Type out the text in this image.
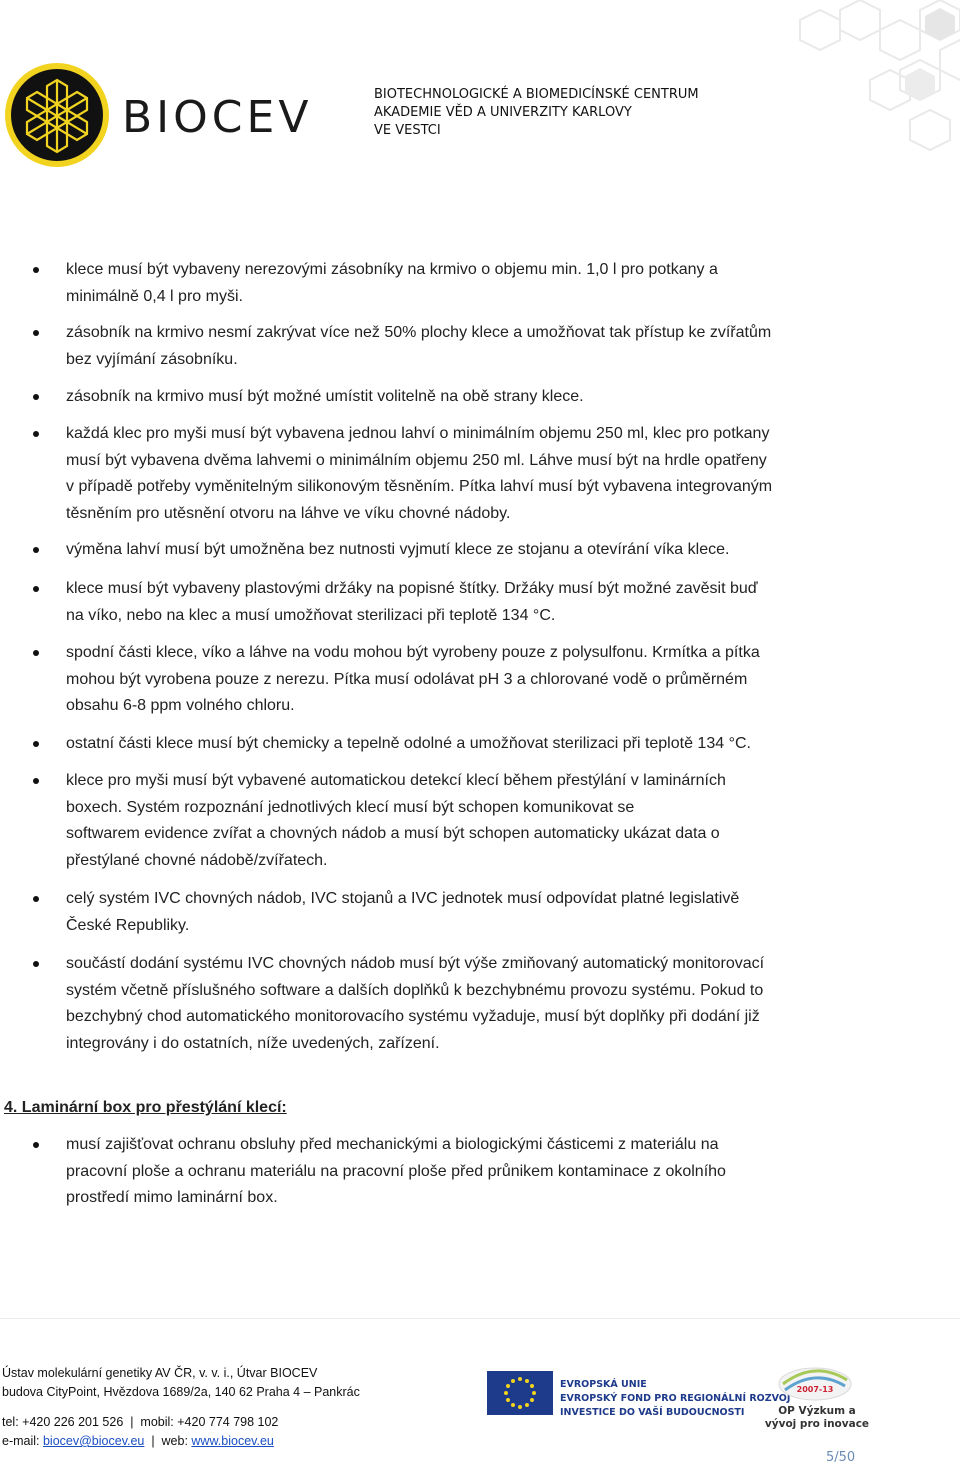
BIOCEV	BIOTECHNOLOGICKÉ A BIOMEDICÍNSKÉ CENTRUM
AKADEMIE VĚD A UNIVERZITY KARLOVY
VE VESTCI
klece musí být vybaveny nerezovými zásobníky na krmivo o objemu min. 1,0 l pro potkany a
minimálně 0,4 l pro myši.
zásobník na krmivo nesmí zakrývat více než 50% plochy klece a umožňovat tak přístup ke zvířatům
bez vyjímání zásobníku.
zásobník na krmivo musí být možné umístit volitelně na obě strany klece.
každá klec pro myši musí být vybavena jednou lahví o minimálním objemu 250 ml, klec pro potkany
musí být vybavena dvěma lahvemi o minimálním objemu 250 ml. Láhve musí být na hrdle opatřeny
v případě potřeby vyměnitelným silikonovým těsněním. Pítka lahví musí být vybavena integrovaným
těsněním pro utěsnění otvoru na láhve ve víku chovné nádoby.
výměna lahví musí být umožněna bez nutnosti vyjmutí klece ze stojanu a otevírání víka klece.
klece musí být vybaveny plastovými držáky na popisné štítky. Držáky musí být možné zavěsit buď
na víko, nebo na klec a musí umožňovat sterilizaci při teplotě 134 °C.
spodní části klece, víko a láhve na vodu mohou být vyrobeny pouze z polysulfonu. Krmítka a pítka
mohou být vyrobena pouze z nerezu. Pítka musí odolávat pH 3 a chlorované vodě o průměrném
obsahu 6-8 ppm volného chloru.
ostatní části klece musí být chemicky a tepelně odolné a umožňovat sterilizaci při teplotě 134 °C.
klece pro myši musí být vybavené automatickou detekcí klecí během přestýlání v laminárních
boxech. Systém rozpoznání jednotlivých klecí musí být schopen komunikovat se
softwarem evidence zvířat a chovných nádob a musí být schopen automaticky ukázat data o
přestýlané chovné nádobě/zvířatech.
celý systém IVC chovných nádob, IVC stojanů a IVC jednotek musí odpovídat platné legislativě
České Republiky.
součástí dodání systému IVC chovných nádob musí být výše zmiňovaný automatický monitorovací
systém včetně příslušného software a dalších doplňků k bezchybnému provozu systému. Pokud to
bezchybný chod automatického monitorovacího systému vyžaduje, musí být doplňky při dodání již
integrovány i do ostatních, níže uvedených, zařízení.
4. Laminární box pro přestýlání klecí:
musí zajišťovat ochranu obsluhy před mechanickými a biologickými částicemi z materiálu na
pracovní ploše a ochranu materiálu na pracovní ploše před průnikem kontaminace z okolního
prostředí mimo laminární box.
Ústav molekulární genetiky AV ČR, v. v. i., Útvar BIOCEV
budova CityPoint, Hvězdova 1689/2a, 140 62 Praha 4 – Pankrác
tel: +420 226 201 526  |  mobil: +420 774 798 102
e-mail: biocev@biocev.eu  |  web: www.biocev.eu
EVROPSKÁ UNIE
EVROPSKÝ FOND PRO REGIONÁLNÍ ROZVOJ
INVESTICE DO VAŠÍ BUDOUCNOSTI
2007-13
OP Výzkum a vývoj pro inovace
5/50
